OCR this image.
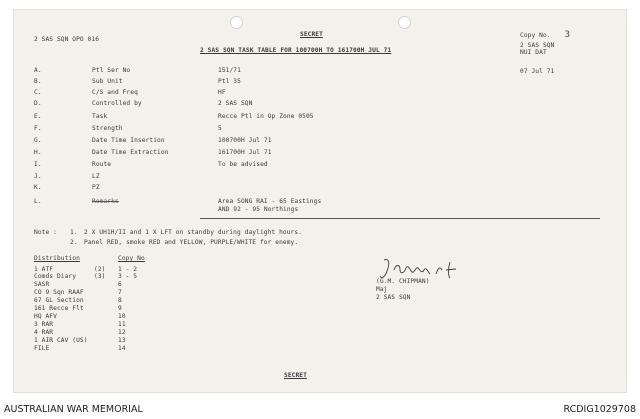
2 SAS SQN OPO 016
SECRET
2 SAS SQN TASK TABLE FOR 100700H TO 161700H JUL 71
Copy No. 3
2 SAS SQN
NUI DAT
07 Jul 71
A.	Ptl Ser No	151/71
B.	Sub Unit	Ptl 35
C.	C/S and Freq	HF
D.	Controlled by	2 SAS SQN
E.	Task	Recce Ptl in Op Zone 0505
F.	Strength	5
G.	Date Time Insertion	100700H Jul 71
H.	Date Time Extraction	161700H Jul 71
I.	Route	To be advised
J.	LZ
K.	PZ
L.	Remarks	Area SONG RAI - 65 Eastings
AND 92 - 95 Northings
Note : 1. 2 X UH1H/II and 1 X LFT on standby during daylight hours.
2. Panel RED, smoke RED and YELLOW, PURPLE/WHITE for enemy.
Distribution	Copy No
1 ATF	(2) 1 - 2
Comds Diary	(3) 3 - 5
SASR	6
CO 9 Sqn RAAF	7
67 GL Section	8
161 Recce Flt	9
HQ AFV	10
3 RAR	11
4 RAR	12
1 AIR CAV (US)	13
FILE	14
(G.M. CHIPMAN)
Maj
2 SAS SQN
SECRET
AUSTRALIAN WAR MEMORIAL	RCDIG1029708
